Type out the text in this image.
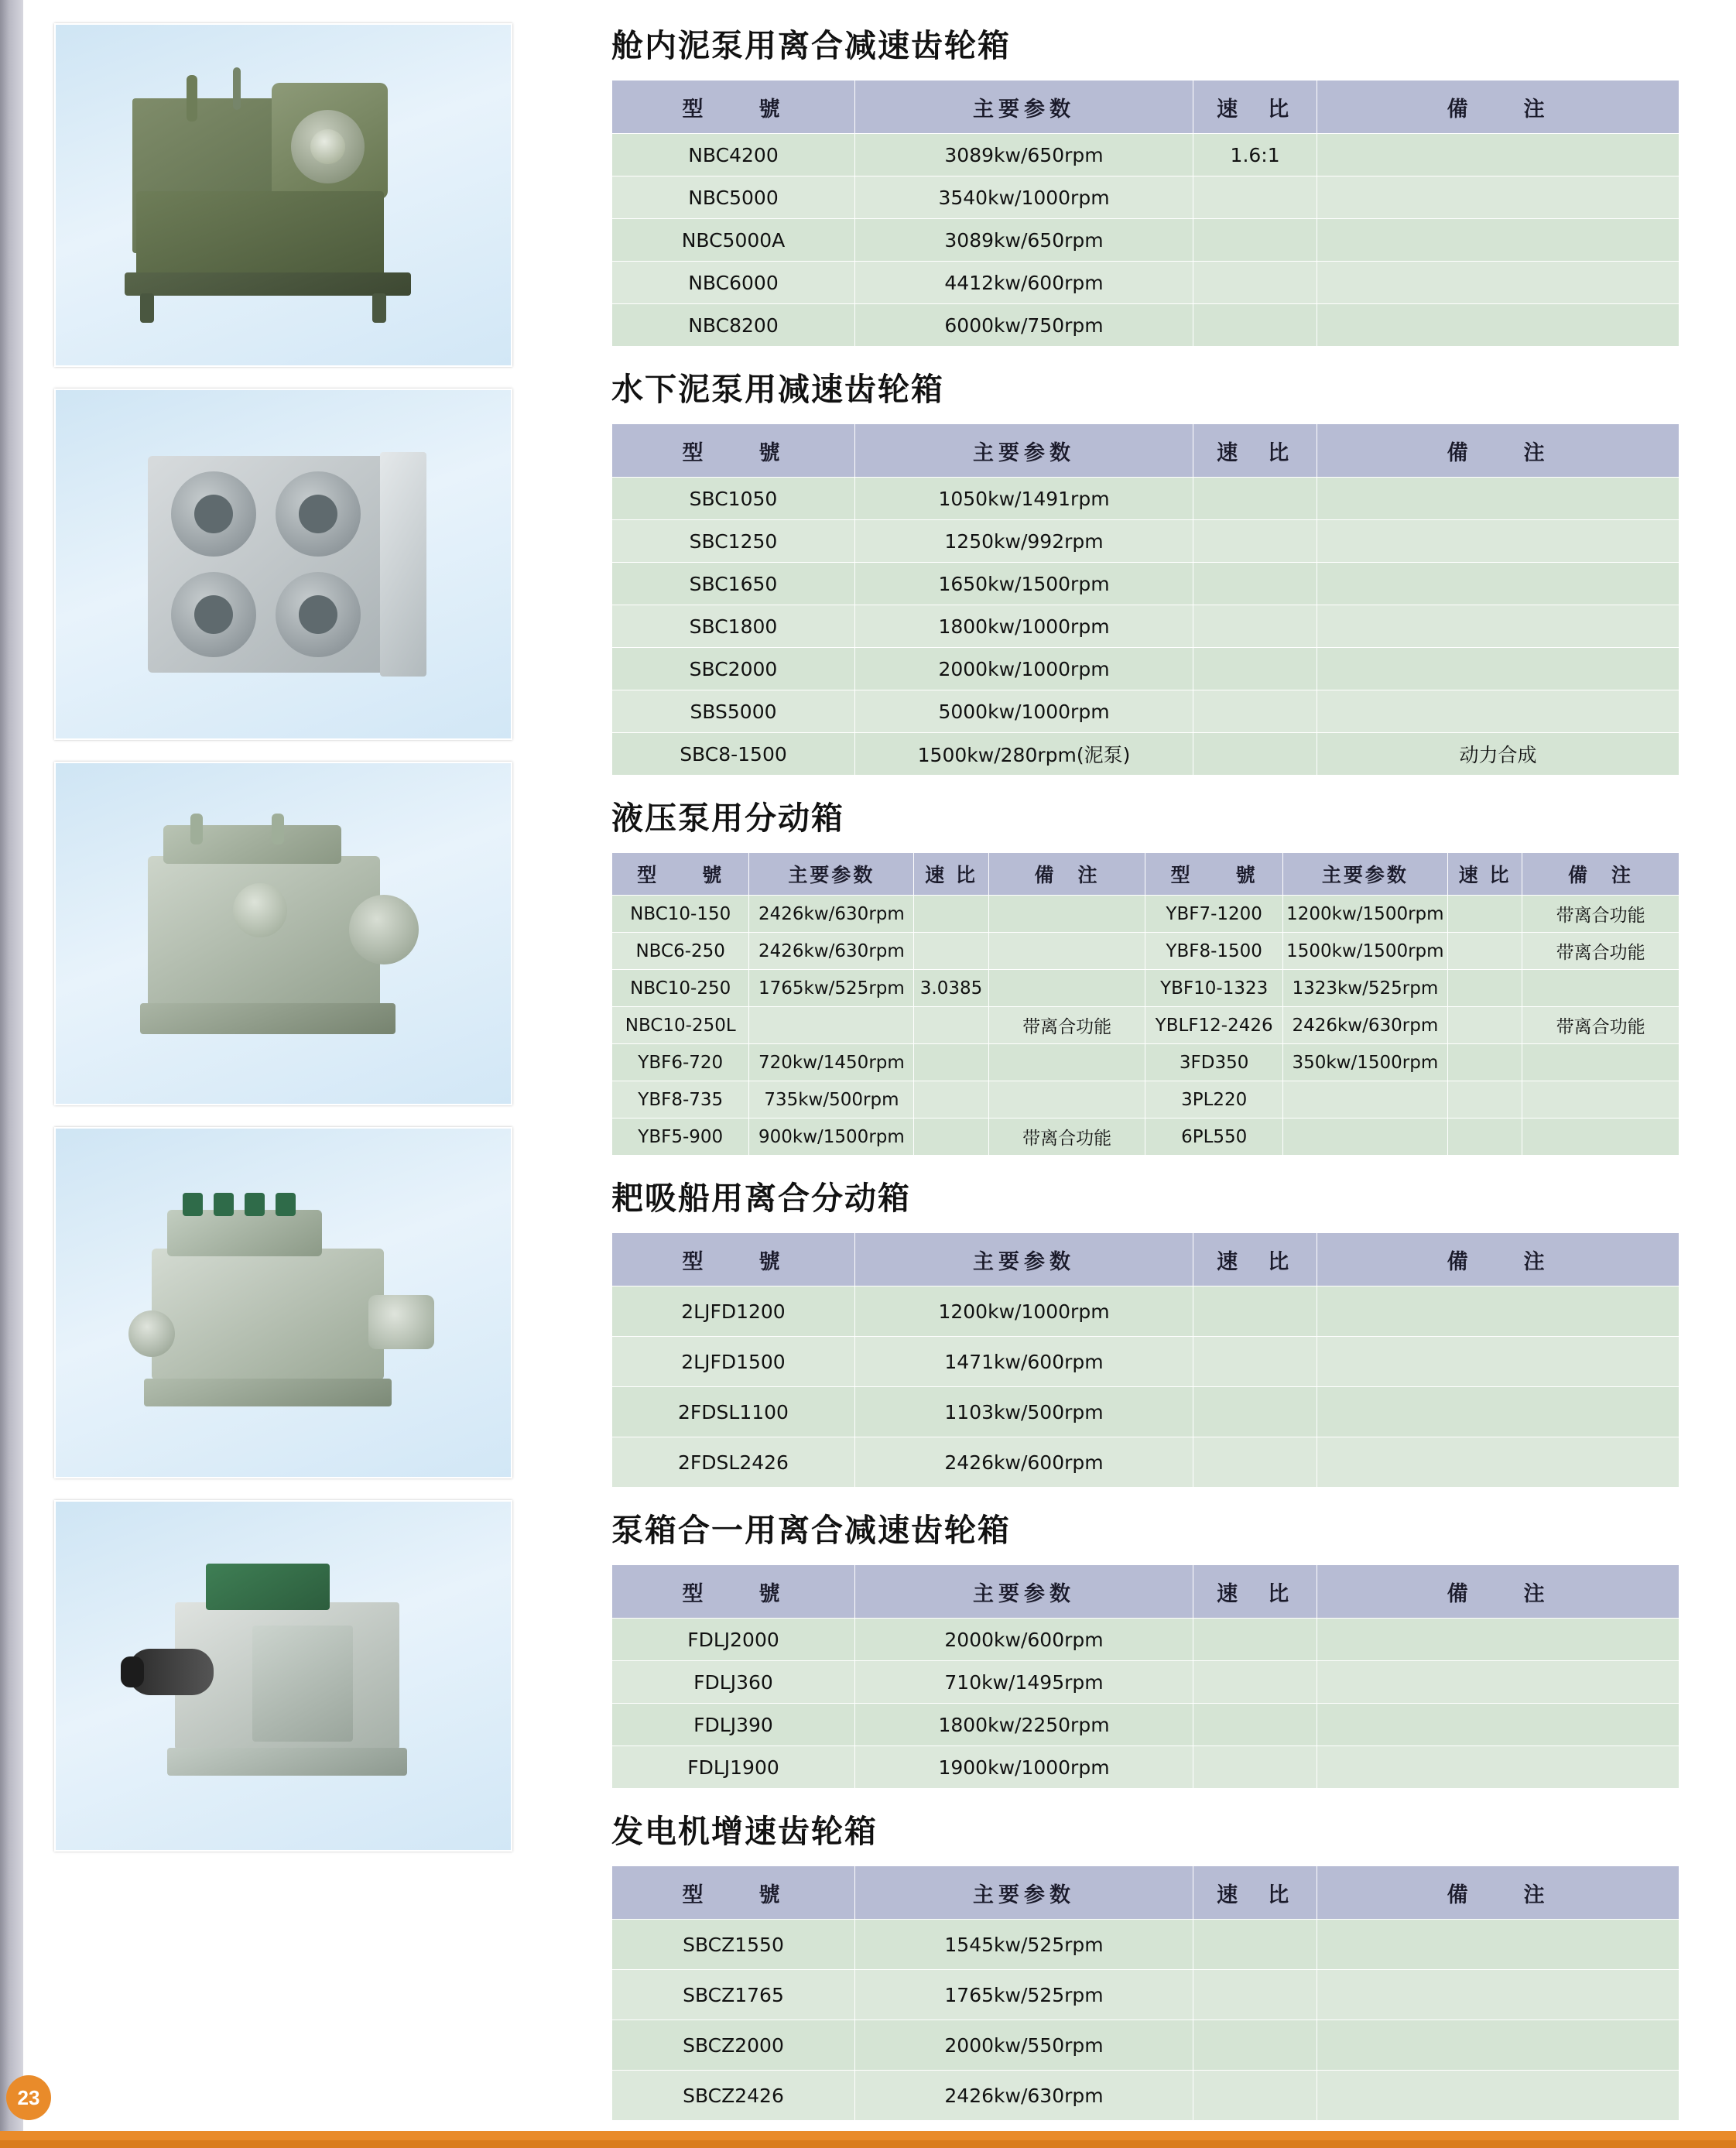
舱内泥泵用离合减速齿轮箱
型　　號	主要参数	速　比	備　　注
NBC4200	3089kw/650rpm	1.6:1	
NBC5000	3540kw/1000rpm		
NBC5000A	3089kw/650rpm		
NBC6000	4412kw/600rpm		
NBC8200	6000kw/750rpm		
水下泥泵用减速齿轮箱
型　　號	主要参数	速　比	備　　注
SBC1050	1050kw/1491rpm		
SBC1250	1250kw/992rpm		
SBC1650	1650kw/1500rpm		
SBC1800	1800kw/1000rpm		
SBC2000	2000kw/1000rpm		
SBS5000	5000kw/1000rpm		
SBC8-1500	1500kw/280rpm(泥泵)		动力合成
液压泵用分动箱
型　　號	主要参数	速 比	備　注	型　　號	主要参数	速 比	備　注
NBC10-150	2426kw/630rpm			YBF7-1200	1200kw/1500rpm		带离合功能
NBC6-250	2426kw/630rpm			YBF8-1500	1500kw/1500rpm		带离合功能
NBC10-250	1765kw/525rpm	3.0385		YBF10-1323	1323kw/525rpm		
NBC10-250L			带离合功能	YBLF12-2426	2426kw/630rpm		带离合功能
YBF6-720	720kw/1450rpm			3FD350	350kw/1500rpm		
YBF8-735	735kw/500rpm			3PL220			
YBF5-900	900kw/1500rpm		带离合功能	6PL550			
耙吸船用离合分动箱
型　　號	主要参数	速　比	備　　注
2LJFD1200	1200kw/1000rpm		
2LJFD1500	1471kw/600rpm		
2FDSL1100	1103kw/500rpm		
2FDSL2426	2426kw/600rpm		
泵箱合一用离合减速齿轮箱
型　　號	主要参数	速　比	備　　注
FDLJ2000	2000kw/600rpm		
FDLJ360	710kw/1495rpm		
FDLJ390	1800kw/2250rpm		
FDLJ1900	1900kw/1000rpm		
发电机增速齿轮箱
型　　號	主要参数	速　比	備　　注
SBCZ1550	1545kw/525rpm		
SBCZ1765	1765kw/525rpm		
SBCZ2000	2000kw/550rpm		
SBCZ2426	2426kw/630rpm		
23
